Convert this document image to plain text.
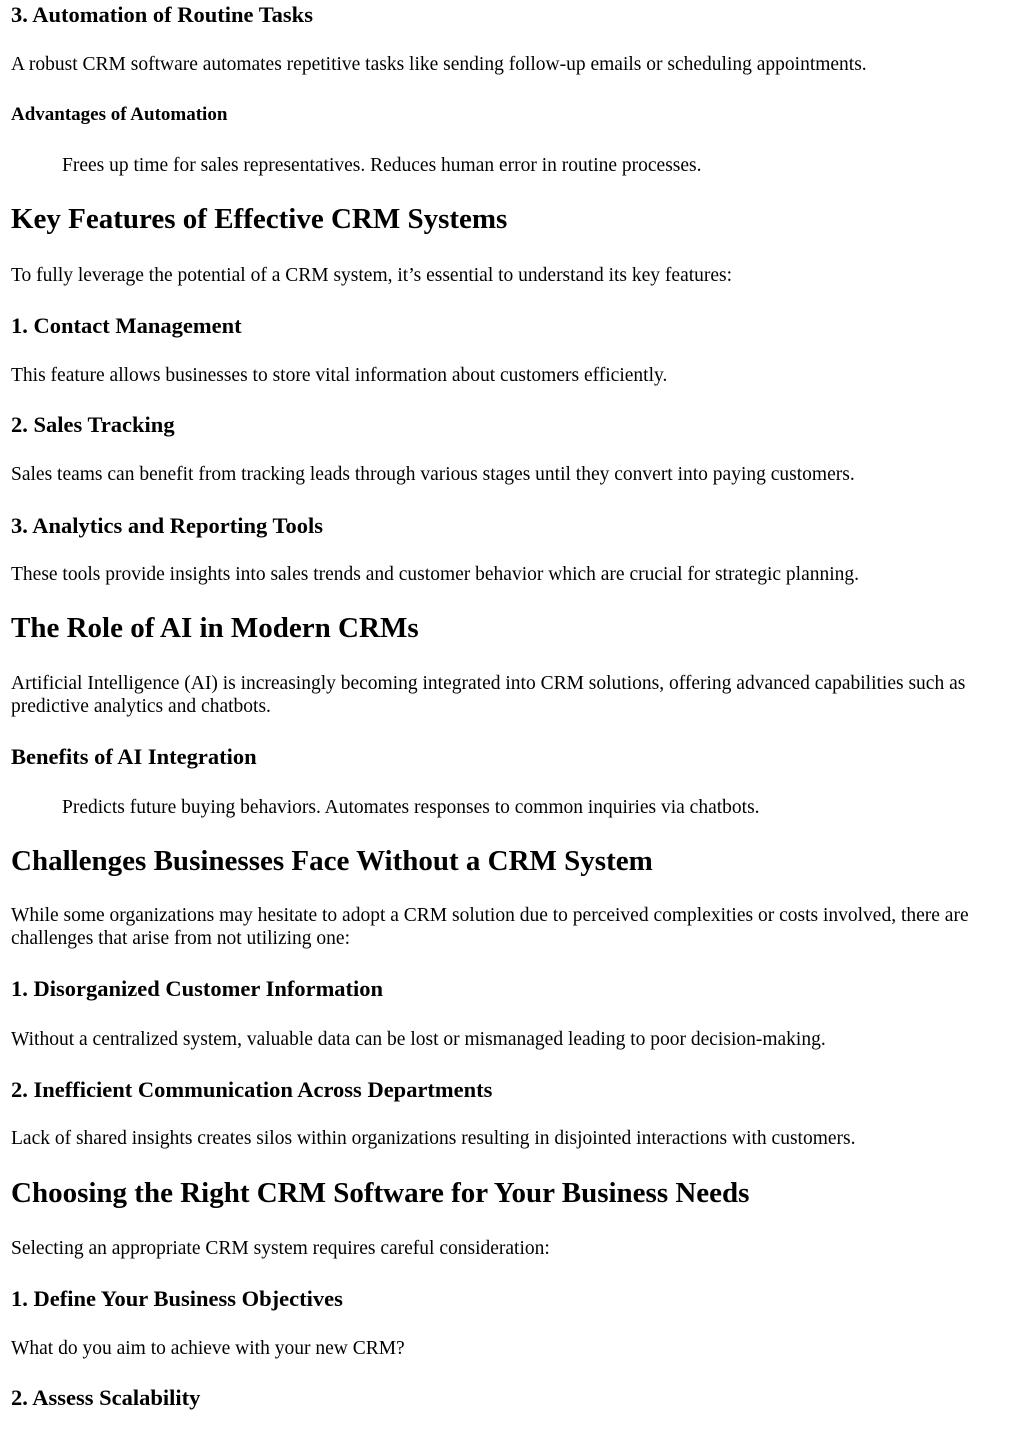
3. Automation of Routine Tasks
A robust CRM software automates repetitive tasks like sending follow-up emails or scheduling appointments.
Advantages of Automation
Frees up time for sales representatives. Reduces human error in routine processes.
Key Features of Effective CRM Systems
To fully leverage the potential of a CRM system, it’s essential to understand its key features:
1. Contact Management
This feature allows businesses to store vital information about customers efficiently.
2. Sales Tracking
Sales teams can benefit from tracking leads through various stages until they convert into paying customers.
3. Analytics and Reporting Tools
These tools provide insights into sales trends and customer behavior which are crucial for strategic planning.
The Role of AI in Modern CRMs
Artificial Intelligence (AI) is increasingly becoming integrated into CRM solutions, offering advanced capabilities such as predictive analytics and chatbots.
Benefits of AI Integration
Predicts future buying behaviors. Automates responses to common inquiries via chatbots.
Challenges Businesses Face Without a CRM System
While some organizations may hesitate to adopt a CRM solution due to perceived complexities or costs involved, there are challenges that arise from not utilizing one:
1. Disorganized Customer Information
Without a centralized system, valuable data can be lost or mismanaged leading to poor decision-making.
2. Inefficient Communication Across Departments
Lack of shared insights creates silos within organizations resulting in disjointed interactions with customers.
Choosing the Right CRM Software for Your Business Needs
Selecting an appropriate CRM system requires careful consideration:
1. Define Your Business Objectives
What do you aim to achieve with your new CRM?
2. Assess Scalability
